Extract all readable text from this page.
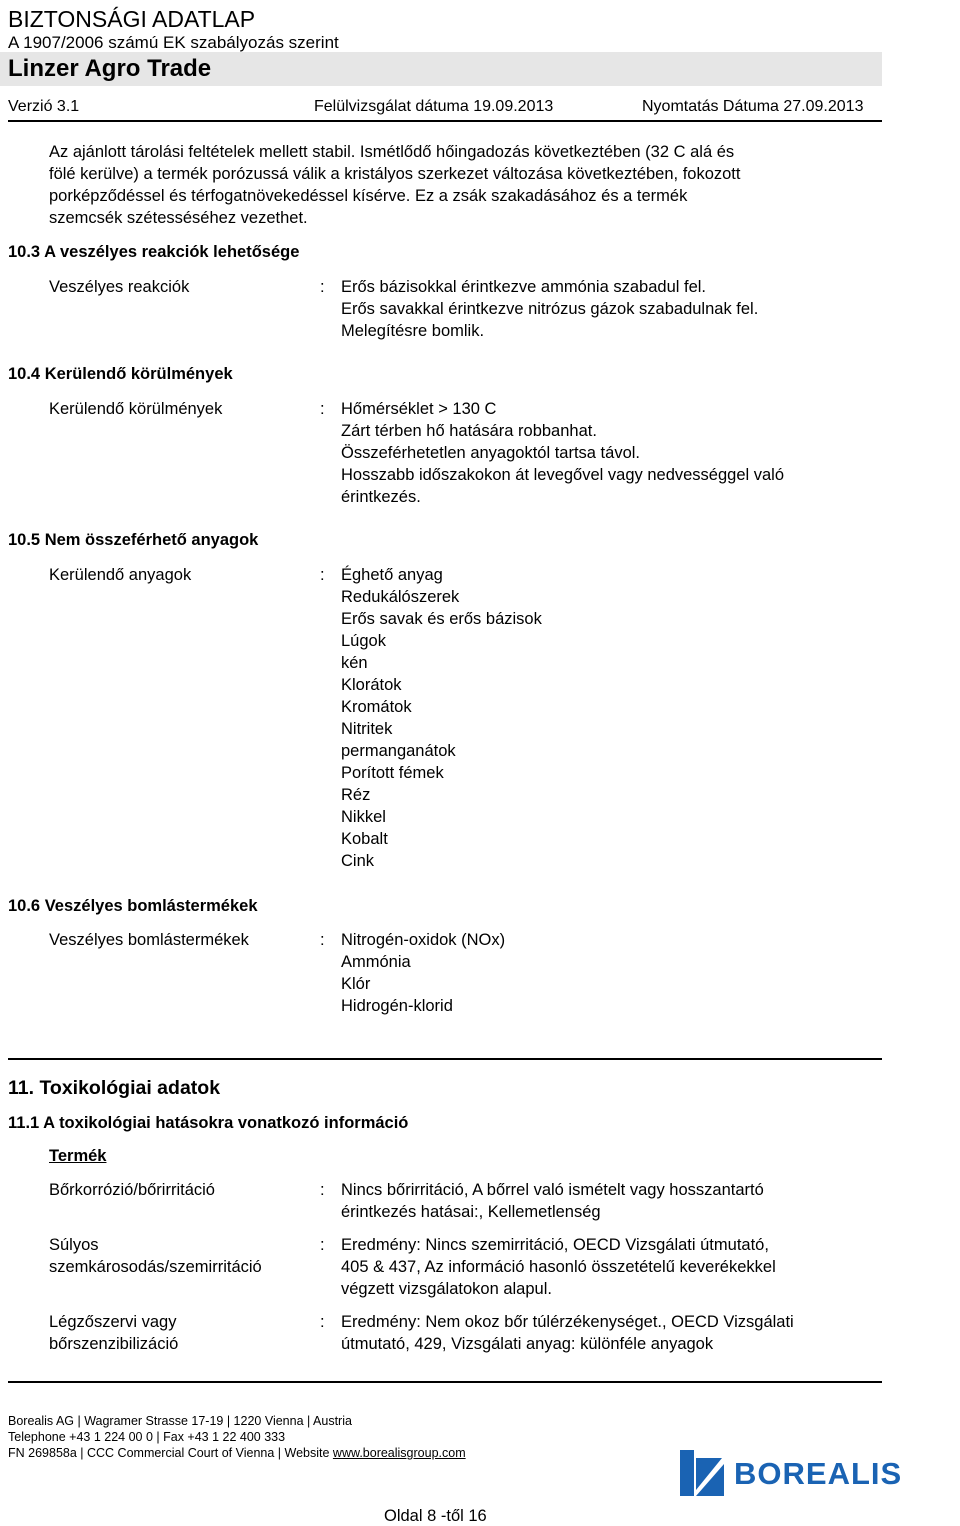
BIZTONSÁGI ADATLAP
A 1907/2006 számú EK szabályozás szerint
Linzer Agro Trade
Verzió 3.1	Felülvizsgálat dátuma 19.09.2013	Nyomtatás Dátuma 27.09.2013
Az ajánlott tárolási feltételek mellett stabil. Ismétlődő hőingadozás következtében (32 C alá és
fölé kerülve) a termék porózussá válik a kristályos szerkezet változása következtében, fokozott
porképződéssel és térfogatnövekedéssel kísérve. Ez a zsák szakadásához és a termék
szemcsék szétesséséhez vezethet.
10.3 A veszélyes reakciók lehetősége
Veszélyes reakciók	: Erős bázisokkal érintkezve ammónia szabadul fel.
Erős savakkal érintkezve nitrózus gázok szabadulnak fel.
Melegítésre bomlik.
10.4 Kerülendő körülmények
Kerülendő körülmények	: Hőmérséklet > 130 C
Zárt térben hő hatására robbanhat.
Összeférhetetlen anyagoktól tartsa távol.
Hosszabb időszakokon át levegővel vagy nedvességgel való
érintkezés.
10.5 Nem összeférhető anyagok
Kerülendő anyagok	: Éghető anyag
Redukálószerek
Erős savak és erős bázisok
Lúgok
kén
Klorátok
Kromátok
Nitritek
permanganátok
Porított fémek
Réz
Nikkel
Kobalt
Cink
10.6 Veszélyes bomlástermékek
Veszélyes bomlástermékek	: Nitrogén-oxidok (NOx)
Ammónia
Klór
Hidrogén-klorid
11. Toxikológiai adatok
11.1 A toxikológiai hatásokra vonatkozó információ
Termék
Bőrkorrózió/bőrirritáció	: Nincs bőrirritáció, A bőrrel való ismételt vagy hosszantartó
érintkezés hatásai:, Kellemetlenség
Súlyos
szemkárosodás/szemirritáció
: Eredmény: Nincs szemirritáció, OECD Vizsgálati útmutató,
405 & 437, Az információ hasonló összetételű keverékekkel
végzett vizsgálatokon alapul.
Légzőszervi vagy
bőrszenzibilizáció
: Eredmény: Nem okoz bőr túlérzékenységet., OECD Vizsgálati
útmutató, 429, Vizsgálati anyag: különféle anyagok
Borealis AG | Wagramer Strasse 17-19 | 1220 Vienna | Austria
Telephone +43 1 224 00 0 | Fax +43 1 22 400 333
FN 269858a | CCC Commercial Court of Vienna | Website www.borealisgroup.com
BOREALIS
Oldal 8 -től 16
